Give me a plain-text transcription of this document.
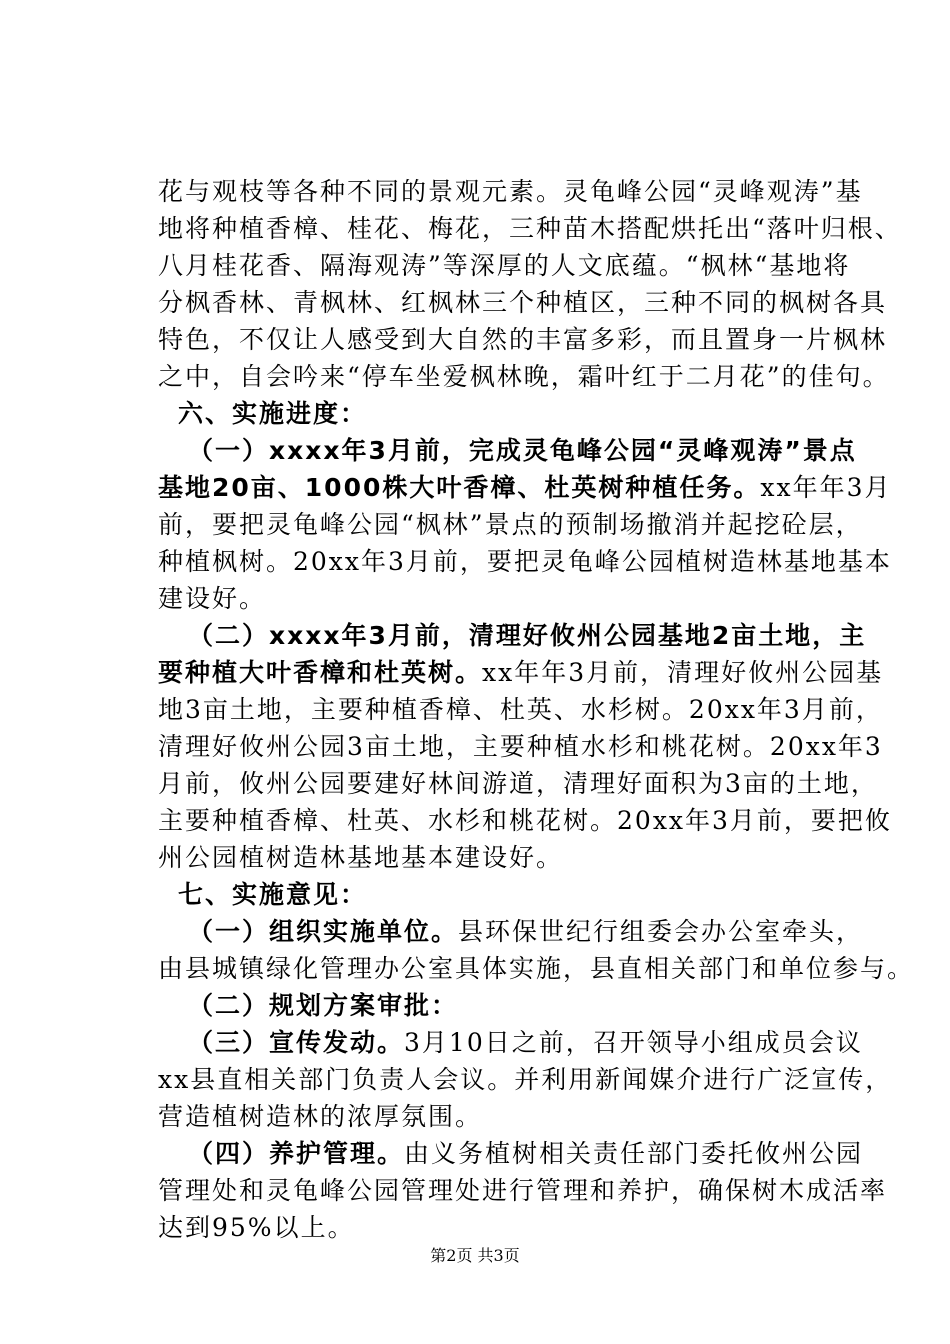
花与观枝等各种不同的景观元素。灵龟峰公园“灵峰观涛”基
地将种植香樟、桂花、梅花，三种苗木搭配烘托出“落叶归根、
八月桂花香、隔海观涛”等深厚的人文底蕴。“枫林“基地将
分枫香林、青枫林、红枫林三个种植区，三种不同的枫树各具
特色，不仅让人感受到大自然的丰富多彩，而且置身一片枫林
之中，自会吟来“停车坐爱枫林晚，霜叶红于二月花”的佳句。
六、实施进度：
（一）xxxx年3月前，完成灵龟峰公园“灵峰观涛”景点
基地20亩、1000株大叶香樟、杜英树种植任务。xx年年3月
前，要把灵龟峰公园“枫林”景点的预制场撤消并起挖砼层，
种植枫树。20xx年3月前，要把灵龟峰公园植树造林基地基本
建设好。
（二）xxxx年3月前，清理好攸州公园基地2亩土地，主
要种植大叶香樟和杜英树。xx年年3月前，清理好攸州公园基
地3亩土地，主要种植香樟、杜英、水杉树。20xx年3月前，
清理好攸州公园3亩土地，主要种植水杉和桃花树。20xx年3
月前，攸州公园要建好林间游道，清理好面积为3亩的土地，
主要种植香樟、杜英、水杉和桃花树。20xx年3月前，要把攸
州公园植树造林基地基本建设好。
七、实施意见：
（一）组织实施单位。县环保世纪行组委会办公室牵头，
由县城镇绿化管理办公室具体实施，县直相关部门和单位参与。
（二）规划方案审批：
（三）宣传发动。3月10日之前，召开领导小组成员会议
xx县直相关部门负责人会议。并利用新闻媒介进行广泛宣传，
营造植树造林的浓厚氛围。
（四）养护管理。由义务植树相关责任部门委托攸州公园
管理处和灵龟峰公园管理处进行管理和养护，确保树木成活率
达到95%以上。
第2页 共3页
